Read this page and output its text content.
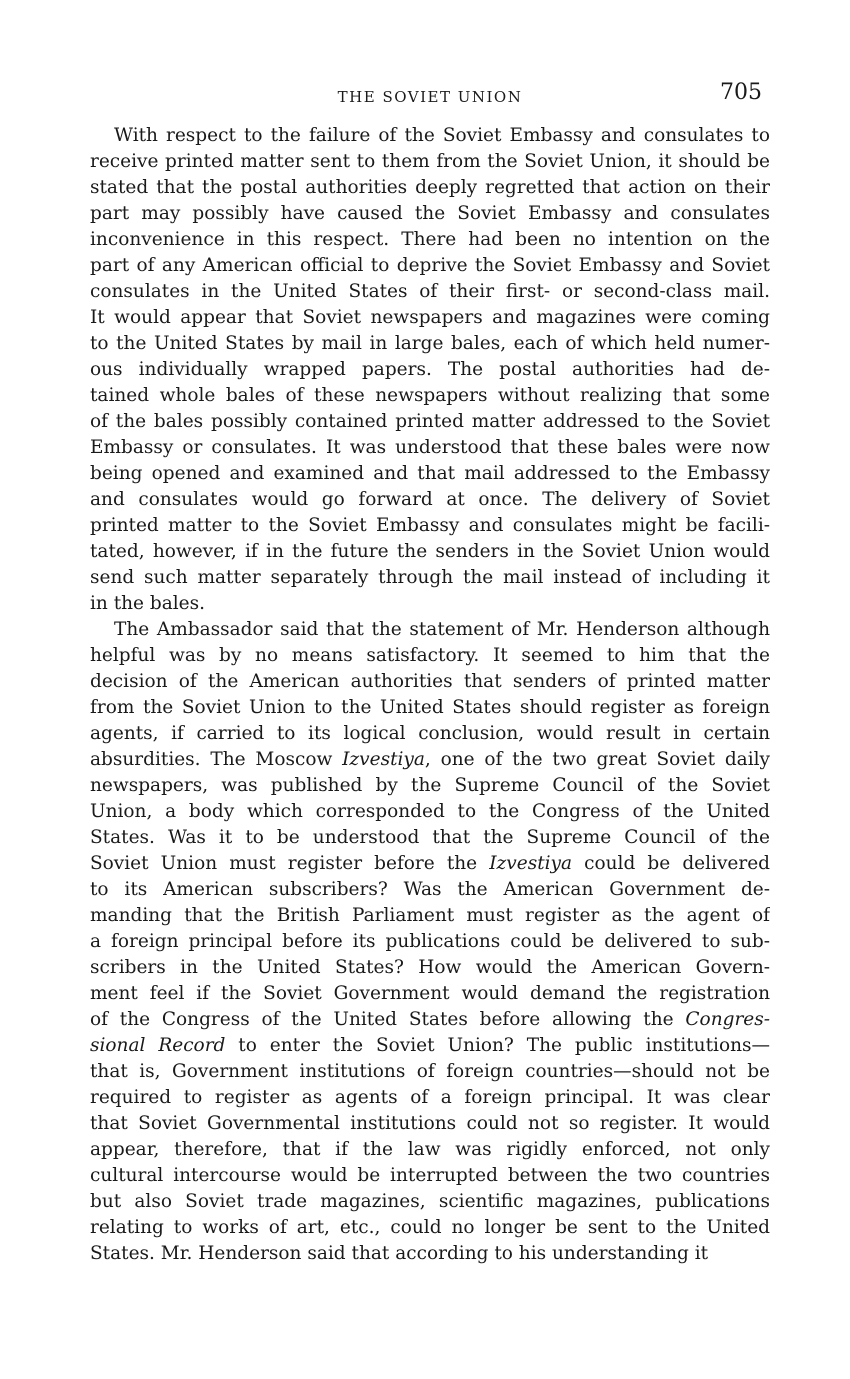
THE SOVIET UNION	705
With respect to the failure of the Soviet Embassy and consulates to
receive printed matter sent to them from the Soviet Union, it should be
stated that the postal authorities deeply regretted that action on their
part may possibly have caused the Soviet Embassy and consulates
inconvenience in this respect. There had been no intention on the
part of any American official to deprive the Soviet Embassy and Soviet
consulates in the United States of their first- or second-class mail.
It would appear that Soviet newspapers and magazines were coming
to the United States by mail in large bales, each of which held numer-
ous individually wrapped papers. The postal authorities had de-
tained whole bales of these newspapers without realizing that some
of the bales possibly contained printed matter addressed to the Soviet
Embassy or consulates. It was understood that these bales were now
being opened and examined and that mail addressed to the Embassy
and consulates would go forward at once. The delivery of Soviet
printed matter to the Soviet Embassy and consulates might be facili-
tated, however, if in the future the senders in the Soviet Union would
send such matter separately through the mail instead of including it
in the bales.
The Ambassador said that the statement of Mr. Henderson although
helpful was by no means satisfactory. It seemed to him that the
decision of the American authorities that senders of printed matter
from the Soviet Union to the United States should register as foreign
agents, if carried to its logical conclusion, would result in certain
absurdities. The Moscow Izvestiya, one of the two great Soviet daily
newspapers, was published by the Supreme Council of the Soviet
Union, a body which corresponded to the Congress of the United
States. Was it to be understood that the Supreme Council of the
Soviet Union must register before the Izvestiya could be delivered
to its American subscribers? Was the American Government de-
manding that the British Parliament must register as the agent of
a foreign principal before its publications could be delivered to sub-
scribers in the United States? How would the American Govern-
ment feel if the Soviet Government would demand the registration
of the Congress of the United States before allowing the Congres-
sional Record to enter the Soviet Union? The public institutions—
that is, Government institutions of foreign countries—should not be
required to register as agents of a foreign principal. It was clear
that Soviet Governmental institutions could not so register. It would
appear, therefore, that if the law was rigidly enforced, not only
cultural intercourse would be interrupted between the two countries
but also Soviet trade magazines, scientific magazines, publications
relating to works of art, etc., could no longer be sent to the United
States. Mr. Henderson said that according to his understanding it
